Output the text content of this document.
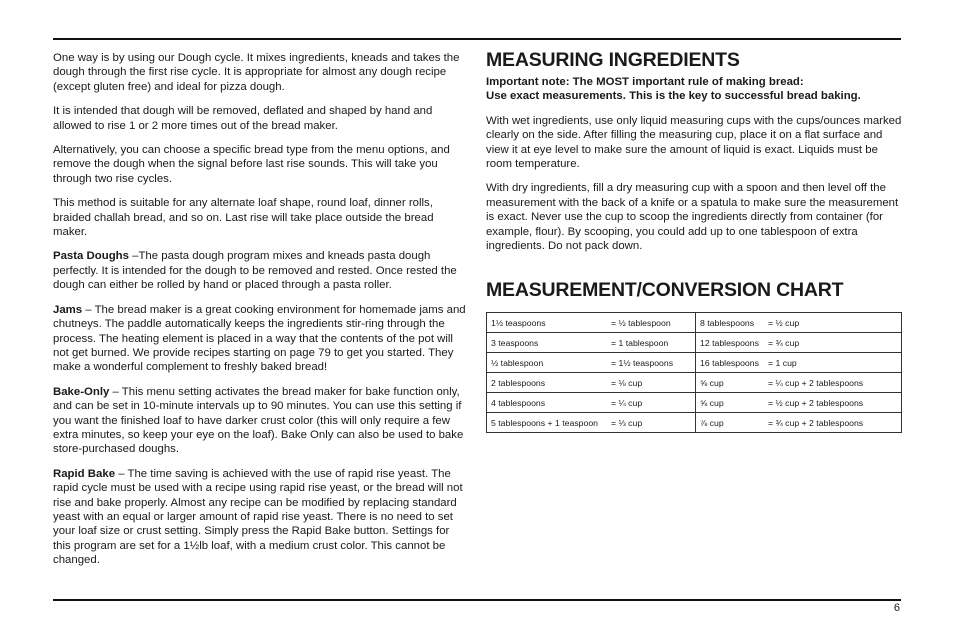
One way is by using our Dough cycle. It mixes ingredients, kneads and takes the dough through the first rise cycle. It is appropriate for almost any dough recipe (except gluten free) and ideal for pizza dough.

It is intended that dough will be removed, deflated and shaped by hand and allowed to rise 1 or 2 more times out of the bread maker.

Alternatively, you can choose a specific bread type from the menu options, and remove the dough when the signal before last rise sounds. This will take you through two rise cycles.

This method is suitable for any alternate loaf shape, round loaf, dinner rolls, braided challah bread, and so on. Last rise will take place outside the bread maker.

Pasta Doughs –The pasta dough program mixes and kneads pasta dough perfectly. It is intended for the dough to be removed and rested. Once rested the dough can either be rolled by hand or placed through a pasta roller.

Jams – The bread maker is a great cooking environment for homemade jams and chutneys. The paddle automatically keeps the ingredients stir-ring through the process. The heating element is placed in a way that the contents of the pot will not get burned. We provide recipes starting on page 79 to get you started. They make a wonderful complement to freshly baked bread!

Bake-Only – This menu setting activates the bread maker for bake function only, and can be set in 10-minute intervals up to 90 minutes. You can use this setting if you want the finished loaf to have darker crust color (this will only require a few extra minutes, so keep your eye on the loaf). Bake Only can also be used to bake store-purchased doughs.

Rapid Bake – The time saving is achieved with the use of rapid rise yeast. The rapid cycle must be used with a recipe using rapid rise yeast, or the bread will not rise and bake properly. Almost any recipe can be modified by replacing standard yeast with an equal or larger amount of rapid rise yeast. There is no need to set your loaf size or crust setting. Simply press the Rapid Bake button. Settings for this program are set for a 1½lb loaf, with a medium crust color. This cannot be changed.

MEASURING INGREDIENTS

Important note: The MOST important rule of making bread:
Use exact measurements. This is the key to successful bread baking.

With wet ingredients, use only liquid measuring cups with the cups/ounces marked clearly on the side. After filling the measuring cup, place it on a flat surface and view it at eye level to make sure the amount of liquid is exact. Liquids must be room temperature.

With dry ingredients, fill a dry measuring cup with a spoon and then level off the measurement with the back of a knife or a spatula to make sure the measurement is exact. Never use the cup to scoop the ingredients directly from container (for example, flour). By scooping, you could add up to one tablespoon of extra ingredients. Do not pack down.

MEASUREMENT/CONVERSION CHART
1½ teaspoons	= ½ tablespoon	8 tablespoons	= ½ cup
3 teaspoons	= 1 tablespoon	12 tablespoons	= ¾ cup
½ tablespoon	= 1½ teaspoons	16 tablespoons	= 1 cup
2 tablespoons	= ⅛ cup	⅝ cup	= ¼ cup + 2 tablespoons
4 tablespoons	= ¼ cup	⅝ cup	= ½ cup + 2 tablespoons
5 tablespoons + 1 teaspoon	= ⅓ cup	⅞ cup	= ¾ cup + 2 tablespoons
6
